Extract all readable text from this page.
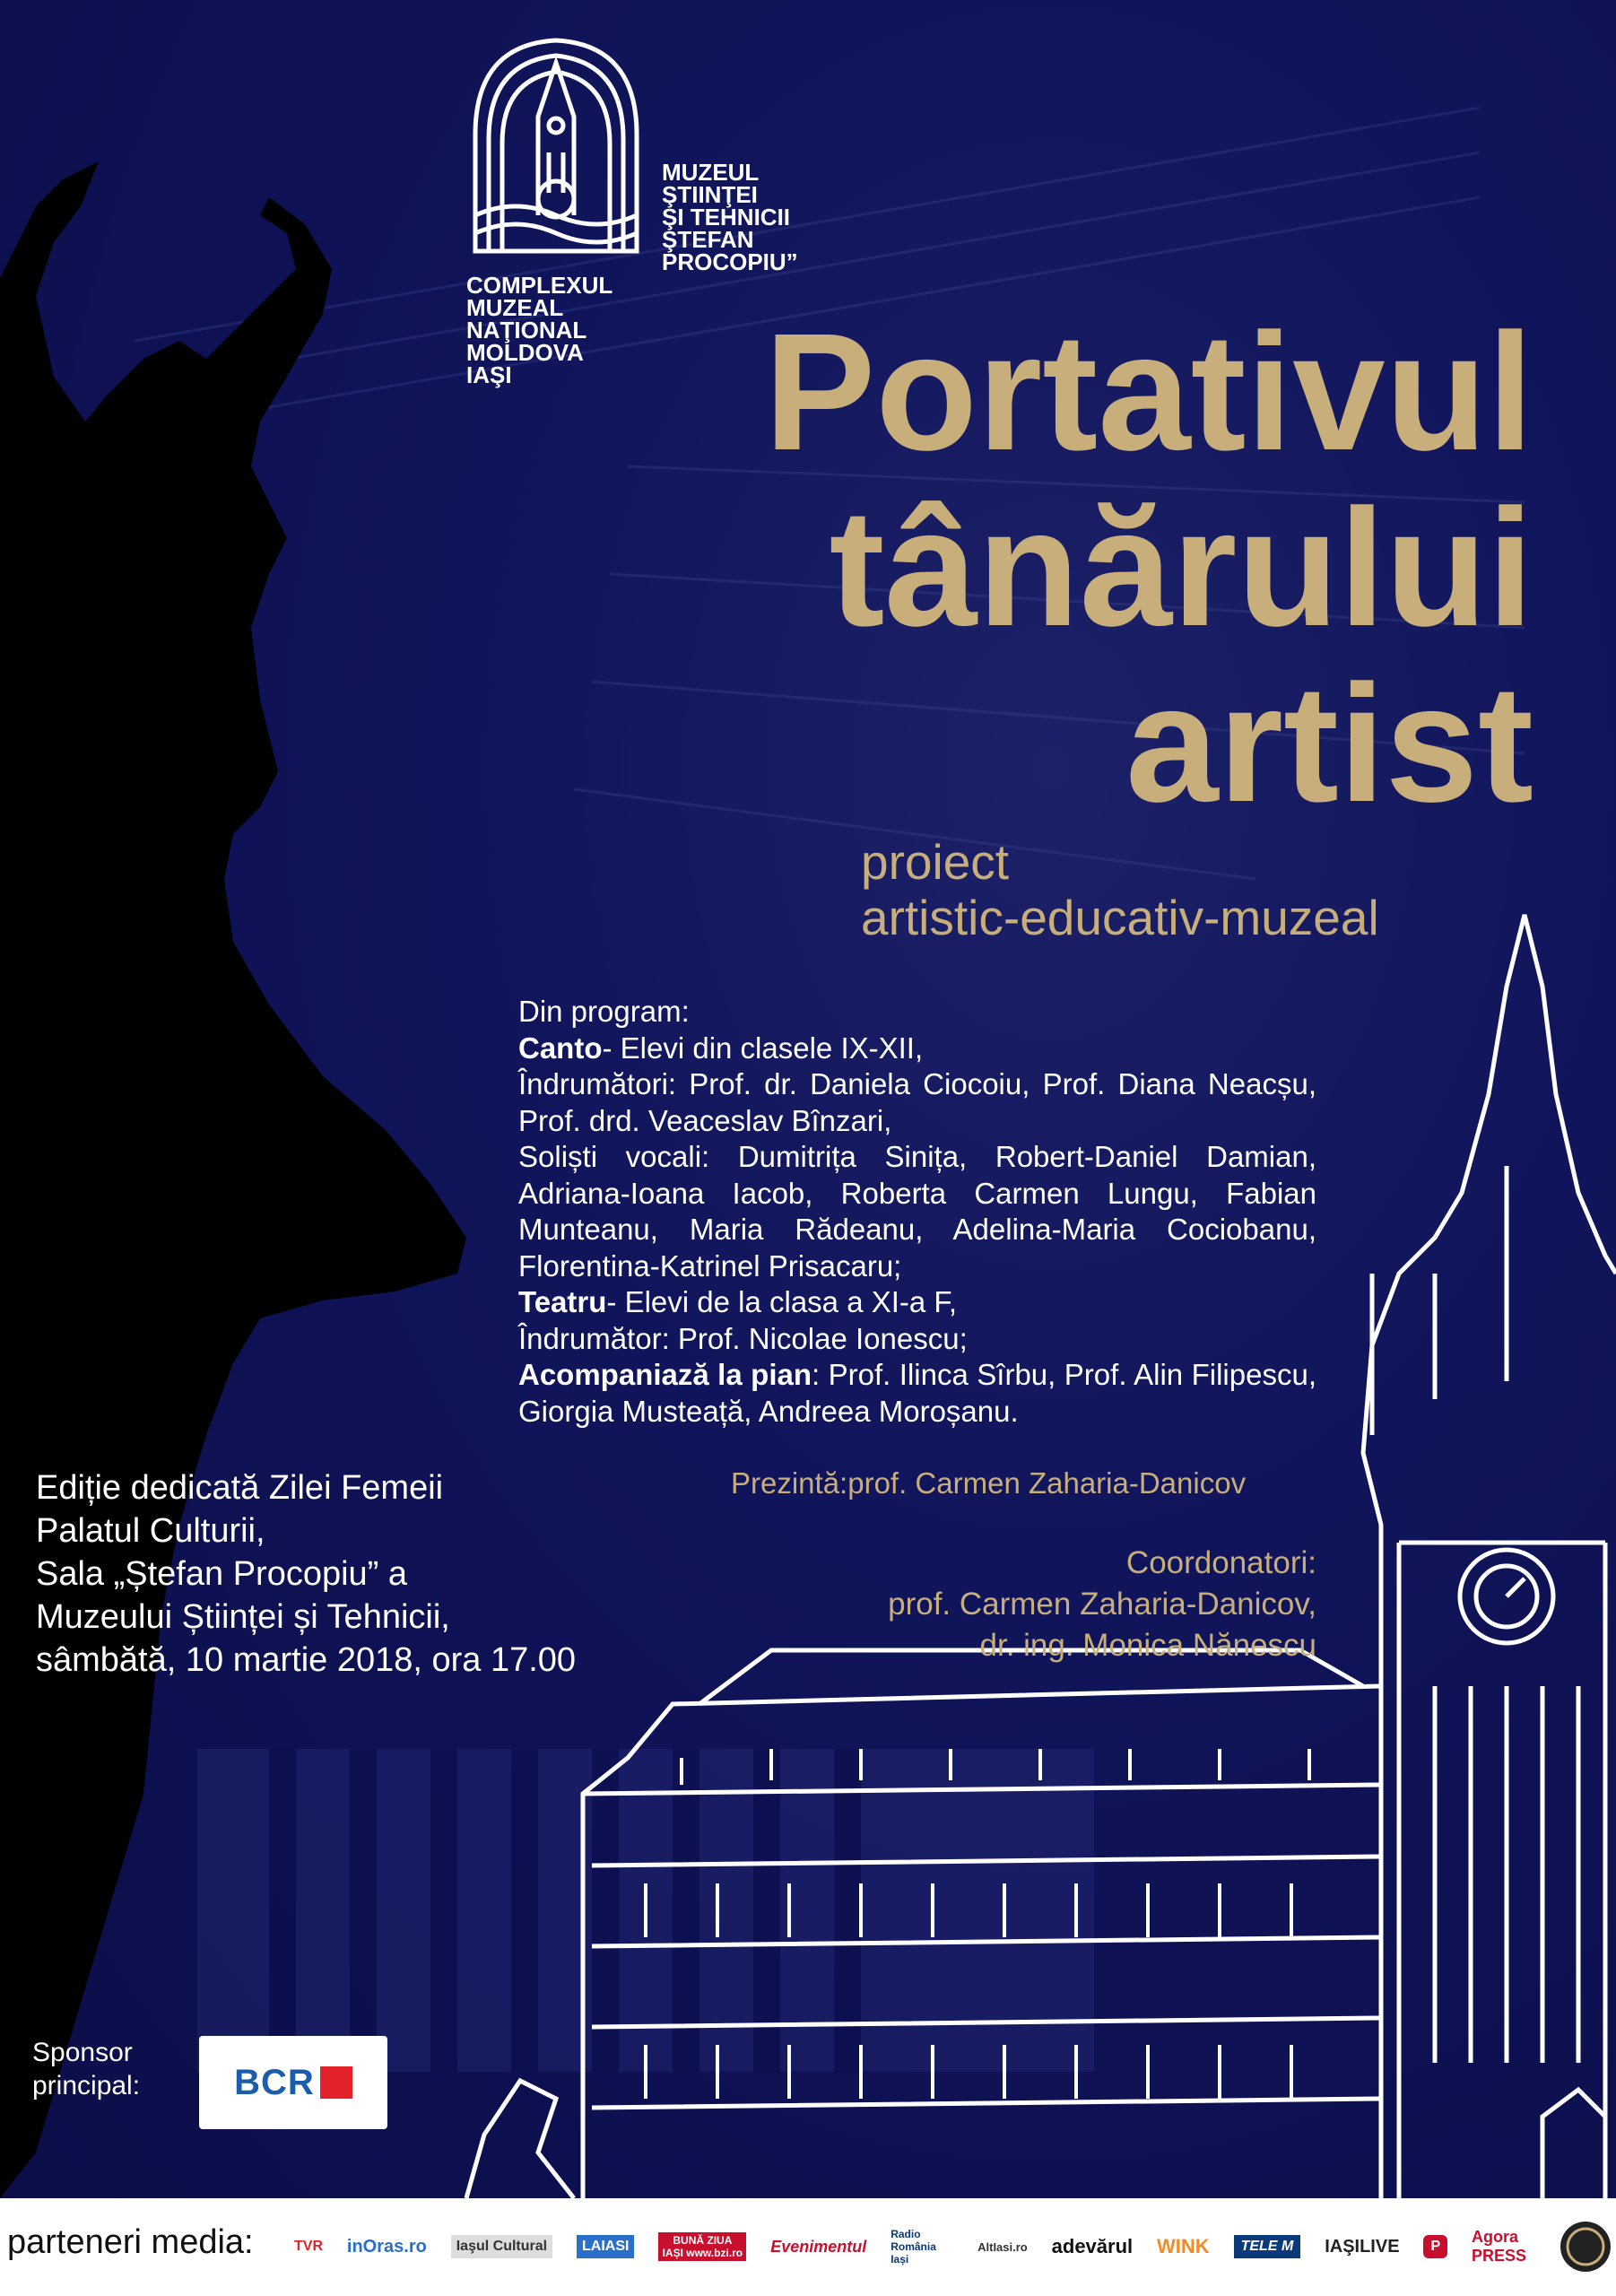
MUZEUL
ŞTIINŢEI
ŞI TEHNICII
ŞTEFAN
PROCOPIU”
COMPLEXUL
MUZEAL
NAŢIONAL
MOLDOVA
IAŞI	Portativul
tânărului
artist
proiect
artistic-educativ-muzeal

Din program:

Canto- Elevi din clasele IX-XII,

Îndrumători: Prof. dr. Daniela Ciocoiu, Prof. Diana Neacșu, Prof. drd. Veaceslav Bînzari,

Soliști vocali: Dumitrița Sinița, Robert-Daniel Damian, Adriana-Ioana Iacob, Roberta Carmen Lungu, Fabian Munteanu, Maria Rădeanu, Adelina-Maria Cociobanu, Florentina-Katrinel Prisacaru;

Teatru- Elevi de la clasa a XI-a F,

Îndrumător: Prof. Nicolae Ionescu;

Acompaniază la pian: Prof. Ilinca Sîrbu, Prof. Alin Filipescu, Giorgia Musteață, Andreea Moroșanu.

Prezintă:prof. Carmen Zaharia-Danicov
Coordonatori:
prof. Carmen Zaharia-Danicov,
dr. ing. Monica Nănescu
Ediție dedicată Zilei Femeii
Palatul Culturii,
Sala „Ștefan Procopiu” a
Muzeului Științei și Tehnicii,
sâmbătă, 10 martie 2018, ora 17.00
Sponsor principal:	BCR
parteneri media:	TVR inOras.ro	Iaşul Cultural	LAIASI	BUNĂ ZIUA IAȘI www.bzi.ro Evenimentul
Radio România Iași
AltIasi.ro adevărul WINK	TELE M	IAŞILIVE	P
Agora PRESS
